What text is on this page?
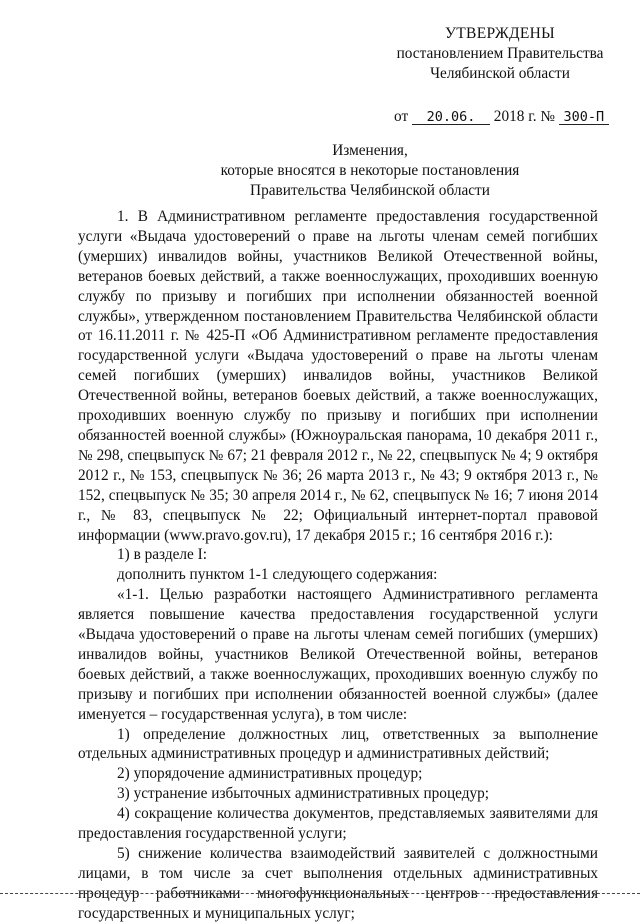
УТВЕРЖДЕНЫ
постановлением Правительства
Челябинской области
от 20.06. 2018 г. № 300-П
Изменения,
которые вносятся в некоторые постановления
Правительства Челябинской области

1. В Административном регламенте предоставления государственной услуги «Выдача удостоверений о праве на льготы членам семей погибших (умерших) инвалидов войны, участников Великой Отечественной войны, ветеранов боевых действий, а также военнослужащих, проходивших военную службу по призыву и погибших при исполнении обязанностей военной службы», утвержденном постановлением Правительства Челябинской области от 16.11.2011 г. № 425-П «Об Административном регламенте предоставления государственной услуги «Выдача удостоверений о праве на льготы членам семей погибших (умерших) инвалидов войны, участников Великой Отечественной войны, ветеранов боевых действий, а также военнослужащих, проходивших военную службу по призыву и погибших при исполнении обязанностей военной службы» (Южноуральская панорама, 10 декабря 2011 г., № 298, спецвыпуск № 67; 21 февраля 2012 г., № 22, спецвыпуск № 4; 9 октября 2012 г., № 153, спецвыпуск № 36; 26 марта 2013 г., № 43; 9 октября 2013 г., № 152, спецвыпуск № 35; 30 апреля 2014 г., № 62, спецвыпуск № 16; 7 июня 2014 г., № 83, спецвыпуск № 22; Официальный интернет-портал правовой информации (www.pravo.gov.ru), 17 декабря 2015 г.; 16 сентября 2016 г.):

1) в разделе I:

дополнить пунктом 1-1 следующего содержания:

«1-1. Целью разработки настоящего Административного регламента является повышение качества предоставления государственной услуги «Выдача удостоверений о праве на льготы членам семей погибших (умерших) инвалидов войны, участников Великой Отечественной войны, ветеранов боевых действий, а также военнослужащих, проходивших военную службу по призыву и погибших при исполнении обязанностей военной службы» (далее именуется – государственная услуга), в том числе:

1) определение должностных лиц, ответственных за выполнение отдельных административных процедур и административных действий;

2) упорядочение административных процедур;

3) устранение избыточных административных процедур;

4) сокращение количества документов, представляемых заявителями для предоставления государственной услуги;

5) снижение количества взаимодействий заявителей с должностными лицами, в том числе за счет выполнения отдельных административных процедур работниками многофункциональных центров предоставления государственных и муниципальных услуг;
